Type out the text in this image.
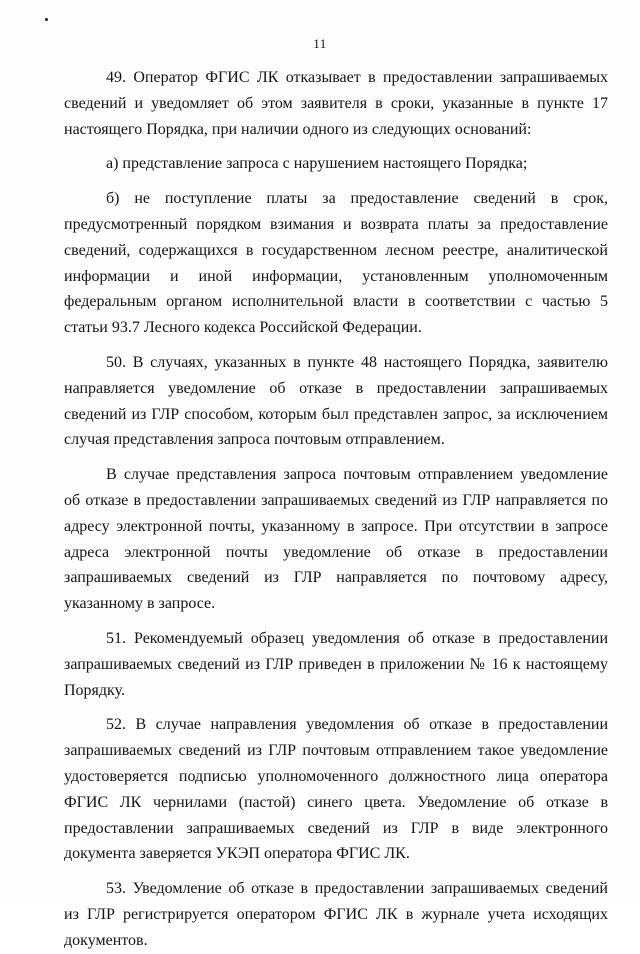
11

49. Оператор ФГИС ЛК отказывает в предоставлении запрашиваемых сведений и уведомляет об этом заявителя в сроки, указанные в пункте 17 настоящего Порядка, при наличии одного из следующих оснований:

а) представление запроса с нарушением настоящего Порядка;

б) не поступление платы за предоставление сведений в срок, предусмотренный порядком взимания и возврата платы за предоставление сведений, содержащихся в государственном лесном реестре, аналитической информации и иной информации, установленным уполномоченным федеральным органом исполнительной власти в соответствии с частью 5 статьи 93.7 Лесного кодекса Российской Федерации.

50. В случаях, указанных в пункте 48 настоящего Порядка, заявителю направляется уведомление об отказе в предоставлении запрашиваемых сведений из ГЛР способом, которым был представлен запрос, за исключением случая представления запроса почтовым отправлением.

В случае представления запроса почтовым отправлением уведомление об отказе в предоставлении запрашиваемых сведений из ГЛР направляется по адресу электронной почты, указанному в запросе. При отсутствии в запросе адреса электронной почты уведомление об отказе в предоставлении запрашиваемых сведений из ГЛР направляется по почтовому адресу, указанному в запросе.

51. Рекомендуемый образец уведомления об отказе в предоставлении запрашиваемых сведений из ГЛР приведен в приложении № 16 к настоящему Порядку.

52. В случае направления уведомления об отказе в предоставлении запрашиваемых сведений из ГЛР почтовым отправлением такое уведомление удостоверяется подписью уполномоченного должностного лица оператора ФГИС ЛК чернилами (пастой) синего цвета. Уведомление об отказе в предоставлении запрашиваемых сведений из ГЛР в виде электронного документа заверяется УКЭП оператора ФГИС ЛК.

53. Уведомление об отказе в предоставлении запрашиваемых сведений из ГЛР регистрируется оператором ФГИС ЛК в журнале учета исходящих документов.
